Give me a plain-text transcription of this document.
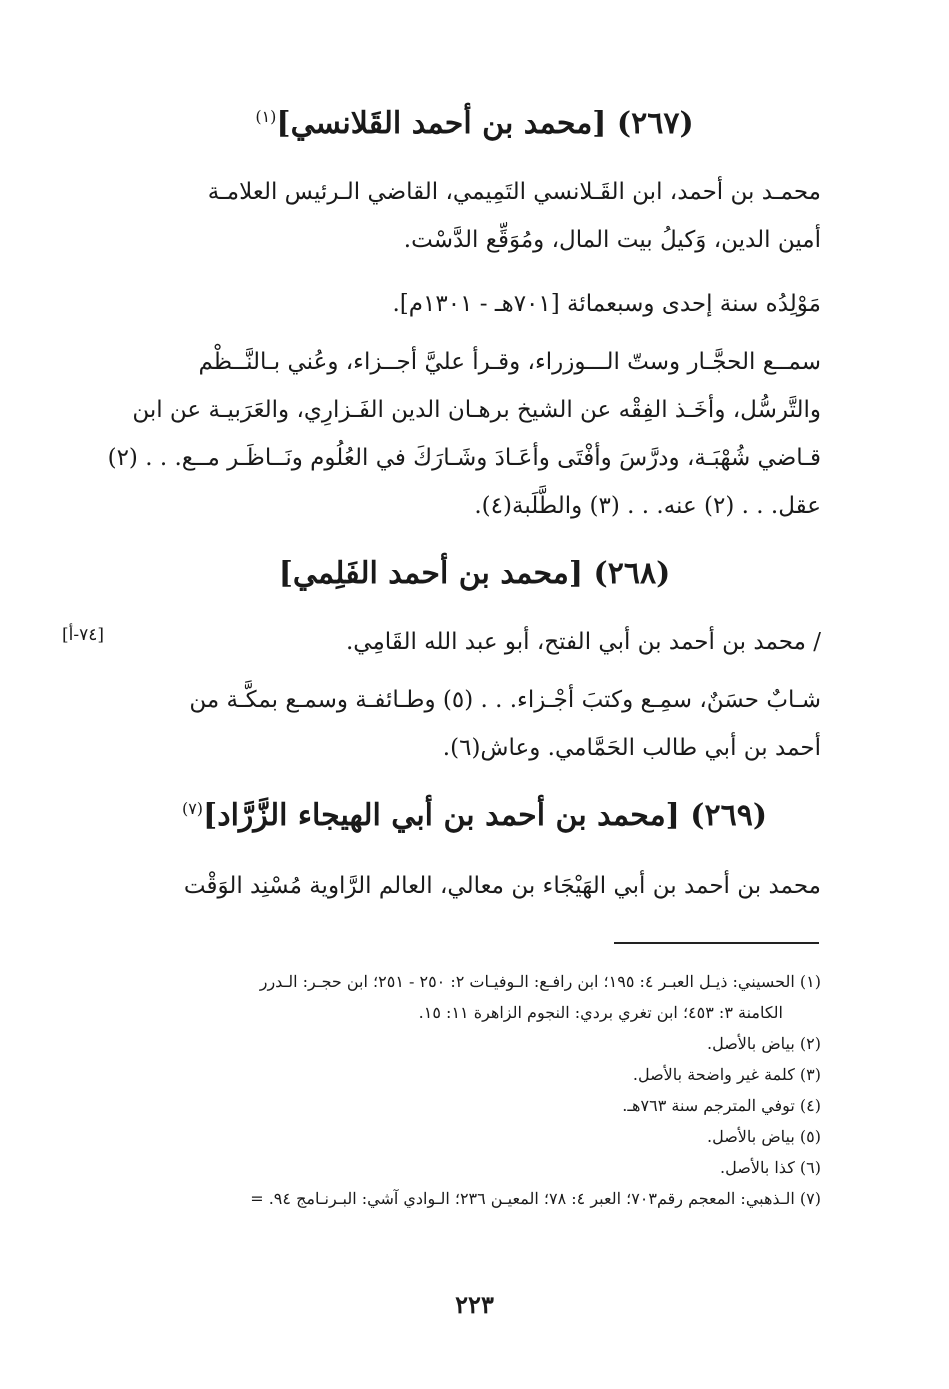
(٢٦٧) [محمد بن أحمد القَلانسي]$^{(١)}$
محمـد بن أحمد، ابن القَـلانسي التَمِيمي، القاضي الـرئيس العلامـة
أمين الدين، وَكيلُ بيت المال، ومُوَقِّع الدَّسْت.
مَوْلِدُه سنة إحدى وسبعمائة [٧٠١هـ - ١٣٠١م].
سمــع الحجَّـار وستّ الـــوزراء، وقـرأ عليَّ أجــزاء، وعُني بـالنَّــظْم
والتَّرسُّل، وأخَـذ الفِقْه عن الشيخ برهـان الدين الفَـزارِي، والعَرَبيـة عن ابن
قـاضي شُهْبَـة، ودرَّسَ وأفْتَى وأعَـادَ وشَـارَكَ في العُلُوم ونَــاظَـر مــع. . . (٢)
عقل. . . (٢) عنه. . . (٣) والطَّلَبة(٤).
(٢٦٨) [محمد بن أحمد الفَلِمي]
/ محمد بن أحمد بن أبي الفتح، أبو عبد الله القَامِي.
[٧٤-أ]
شـابٌ حسَنٌ، سمِـع وكتبَ أجْـزاء. . . (٥) وطـائفـة وسمـع بمكَّـة من
أحمد بن أبي طالب الحَمَّامي. وعاش(٦).
(٢٦٩) [محمد بن أحمد بن أبي الهيجاء الزَّرَّاد]$^{(٧)}$
محمد بن أحمد بن أبي الهَيْجَاء بن معالي، العالم الرَّاوية مُسْنِد الوَقْت
(١) الحسيني: ذيـل العبـر ٤: ١٩٥؛ ابن رافـع: الـوفيـات ٢: ٢٥٠ - ٢٥١؛ ابن حجـر: الـدرر
الكامنة ٣: ٤٥٣؛ ابن تغري بردي: النجوم الزاهرة ١١: ١٥.
(٢) بياض بالأصل.
(٣) كلمة غير واضحة بالأصل.
(٤) توفي المترجم سنة ٧٦٣هـ.
(٥) بياض بالأصل.
(٦) كذا بالأصل.
(٧) الـذهبي: المعجم رقم٧٠٣؛ العبر ٤: ٧٨؛ المعيـن ٢٣٦؛ الـوادي آشي: البـرنـامج ٩٤. =
٢٢٣
